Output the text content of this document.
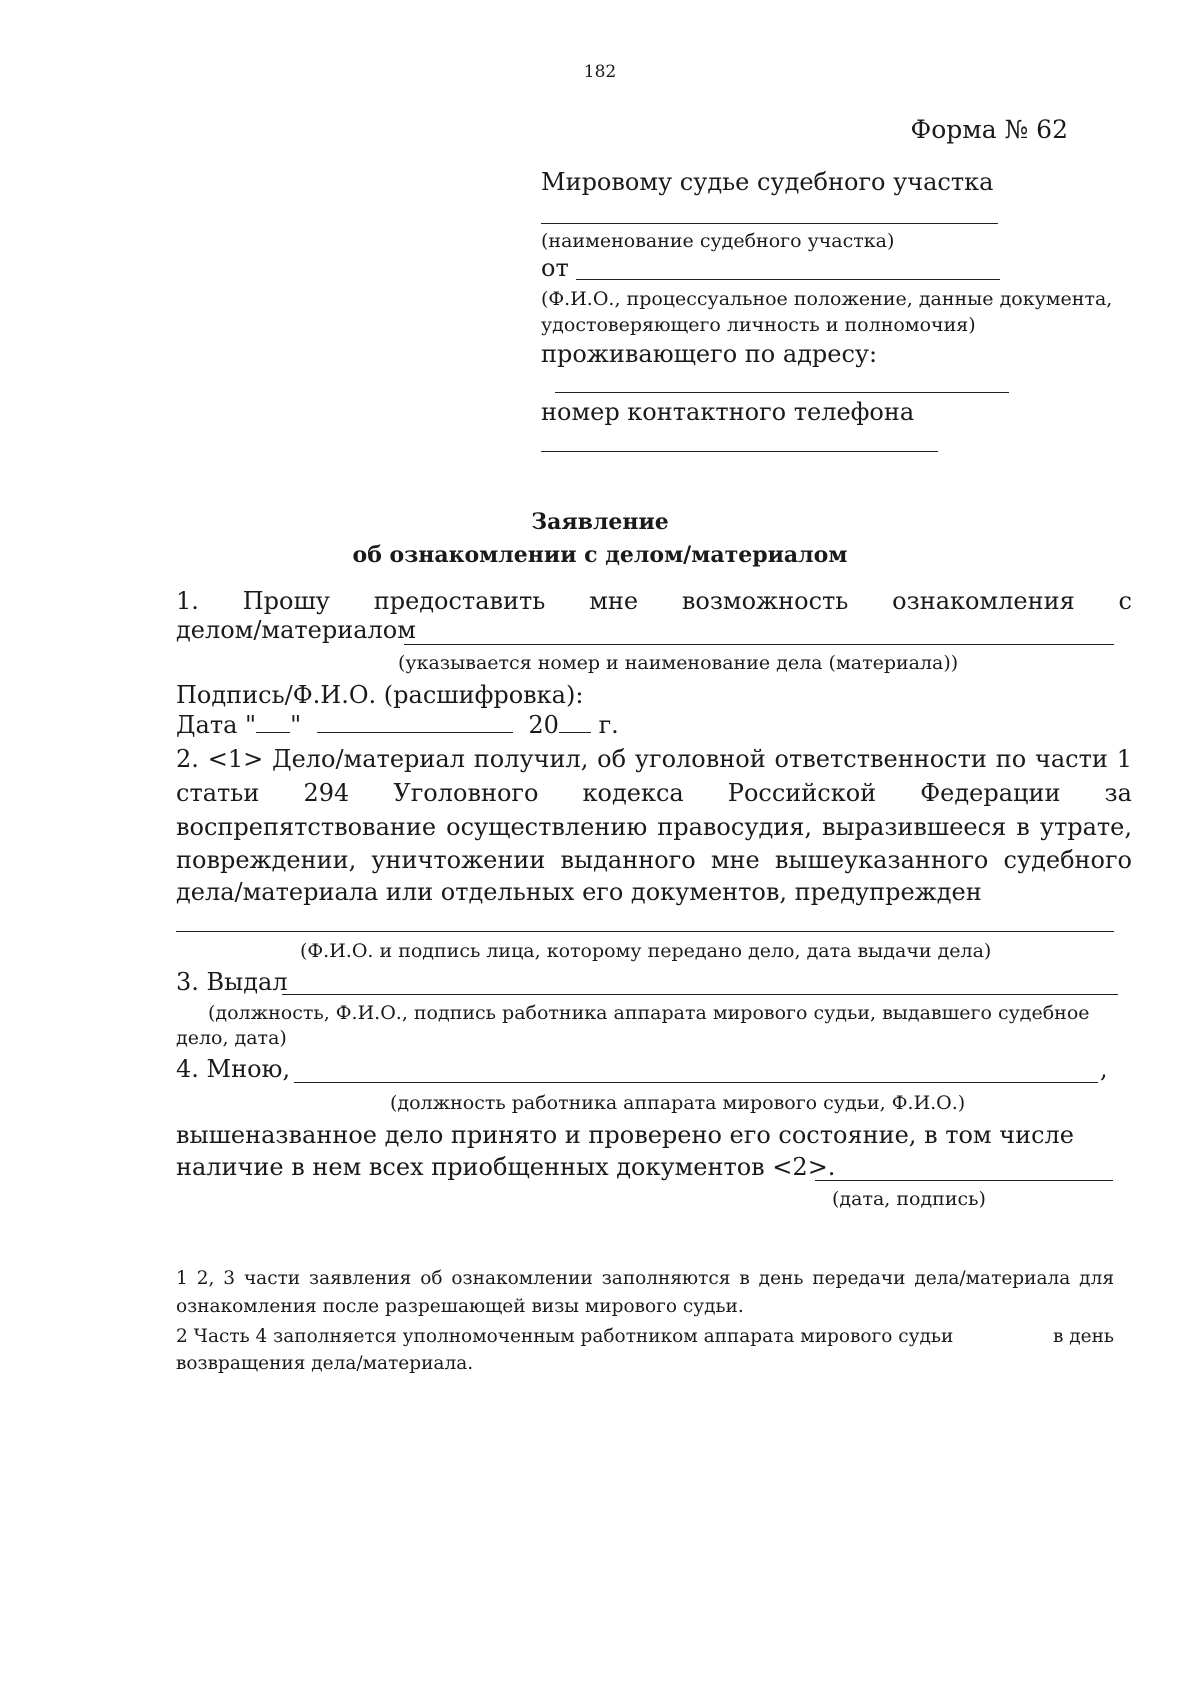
182
Форма № 62
Мировому судье судебного участка
(наименование судебного участка)
от
(Ф.И.О., процессуальное положение, данные документа,
удостоверяющего личность и полномочия)
проживающего по адресу:
номер контактного телефона
Заявление
об ознакомлении с делом/материалом
1. Прошу предоставить мне возможность ознакомления с
делом/материалом
(указывается номер и наименование дела (материала))
Подпись/Ф.И.О. (расшифровка):
Дата " "	20 г.
2. <1> Дело/материал получил, об уголовной ответственности по части 1
статьи 294 Уголовного кодекса Российской Федерации за
воспрепятствование осуществлению правосудия, выразившееся в утрате,
повреждении, уничтожении выданного мне вышеуказанного судебного
дела/материала или отдельных его документов, предупрежден
(Ф.И.О. и подпись лица, которому передано дело, дата выдачи дела)
3. Выдал
(должность, Ф.И.О., подпись работника аппарата мирового судьи, выдавшего судебное
дело, дата)
4. Мною,	,
(должность работника аппарата мирового судьи, Ф.И.О.)
вышеназванное дело принято и проверено его состояние, в том числе
наличие в нем всех приобщенных документов <2>.
(дата, подпись)
1 2, 3 части заявления об ознакомлении заполняются в день передачи дела/материала для
ознакомления после разрешающей визы мирового судьи.
2 Часть 4 заполняется уполномоченным работником аппарата мирового судьи	в день
возвращения дела/материала.
